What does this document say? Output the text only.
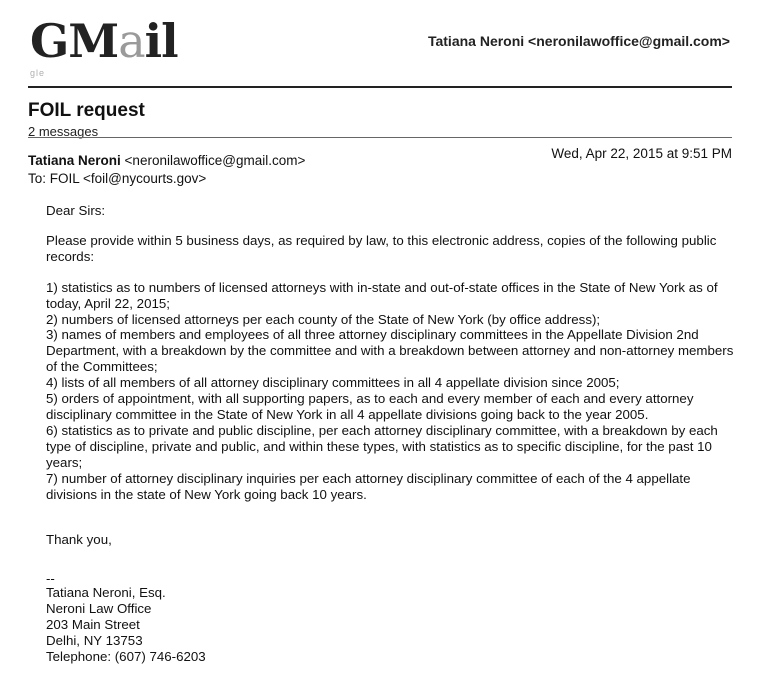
GMail
gle
Tatiana Neroni <neronilawoffice@gmail.com>
FOIL request
2 messages
Tatiana Neroni <neronilawoffice@gmail.com>	Wed, Apr 22, 2015 at 9:51 PM
To: FOIL <foil@nycourts.gov>

Dear Sirs:

Please provide within 5 business days, as required by law, to this electronic address, copies of the following public records:

1) statistics as to numbers of licensed attorneys with in-state and out-of-state offices in the State of New York as of today, April 22, 2015;

2) numbers of licensed attorneys per each county of the State of New York (by office address);

3) names of members and employees of all three attorney disciplinary committees in the Appellate Division 2nd Department, with a breakdown by the committee and with a breakdown between attorney and non-attorney members of the Committees;

4) lists of all members of all attorney disciplinary committees in all 4 appellate division since 2005;

5) orders of appointment, with all supporting papers, as to each and every member of each and every attorney disciplinary committee in the State of New York in all 4 appellate divisions going back to the year 2005.

6) statistics as to private and public discipline, per each attorney disciplinary committee, with a breakdown by each type of discipline, private and public, and within these types, with statistics as to specific discipline, for the past 10 years;

7) number of attorney disciplinary inquiries per each attorney disciplinary committee of each of the 4 appellate divisions in the state of New York going back 10 years.

Thank you,

--

Tatiana Neroni, Esq.

Neroni Law Office

203 Main Street

Delhi, NY 13753

Telephone: (607) 746-6203
